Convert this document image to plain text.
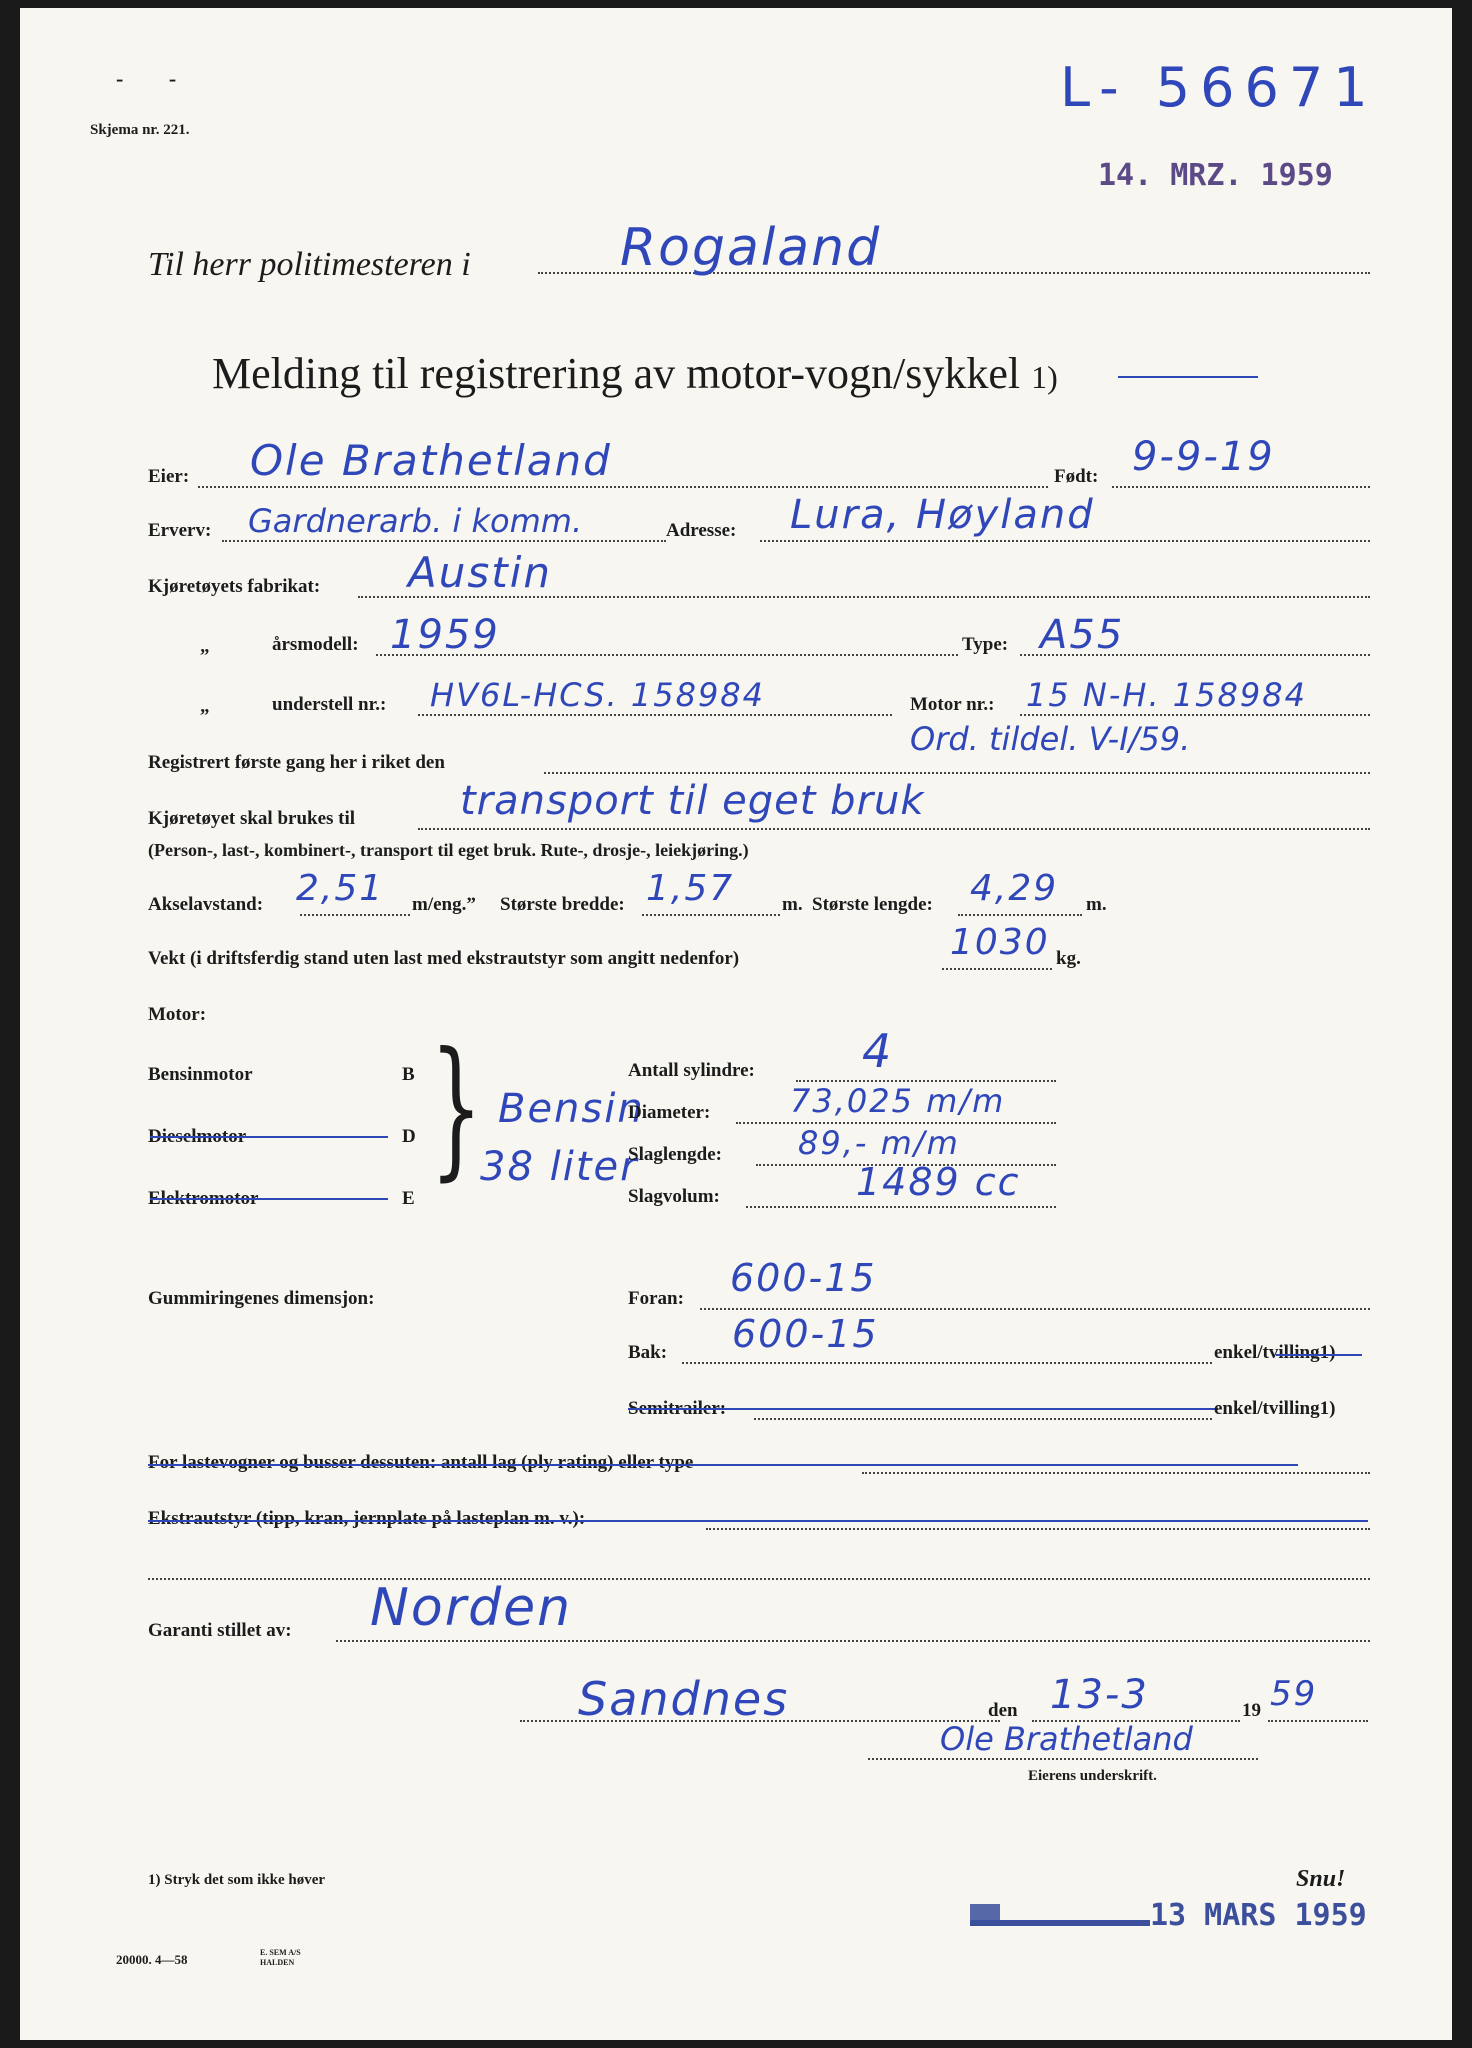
- -
Skjema nr. 221.
L- 56671
14. MRZ. 1959
Til herr politimesteren i	Rogaland
Melding til registrering av motor-vogn/sykkel 1)
Eier: Ole Brathetland	Født: 9-9-19
Erverv: Gardnerarb. i komm.	Adresse: Lura, Høyland
Kjøretøyets fabrikat: Austin
„	årsmodell: 1959	Type: A55
„	understell nr.: HV6L-HCS. 158984	Motor nr.: 15 N-H. 158984
Ord. tildel. V-I/59.
Registrert første gang her i riket den
Kjøretøyet skal brukes til	transport til eget bruk
(Person-, last-, kombinert-, transport til eget bruk. Rute-, drosje-, leiekjøring.)
Akselavstand: 2,51 m/eng.” Største bredde: 1,57	m. Største lengde: 4,29 m.
Vekt (i driftsferdig stand uten last med ekstrautstyr som angitt nedenfor)	1030 kg.
Motor:
Bensinmotor	B
Dieselmotor	D
Elektromotor	E
} Bensin
38 liter
Antall sylindre: 4
Diameter: 73,025 m/m
Slaglengde: 89,- m/m
Slagvolum:	1489 cc
Gummiringenes dimensjon:	Foran: 600-15
Bak: 600-15	enkel/tvilling1)
Semitrailer:	enkel/tvilling1)
For lastevogner og busser dessuten: antall lag (ply rating) eller type
Ekstrautstyr (tipp, kran, jernplate på lasteplan m. v.):
Garanti stillet av: Norden
Sandnes	den 13-3	19 59
Ole Brathetland
Eierens underskrift.
1) Stryk det som ikke høver	Snu!
20000. 4—58	E. SEM A/S HALDEN
13 MARS 1959
